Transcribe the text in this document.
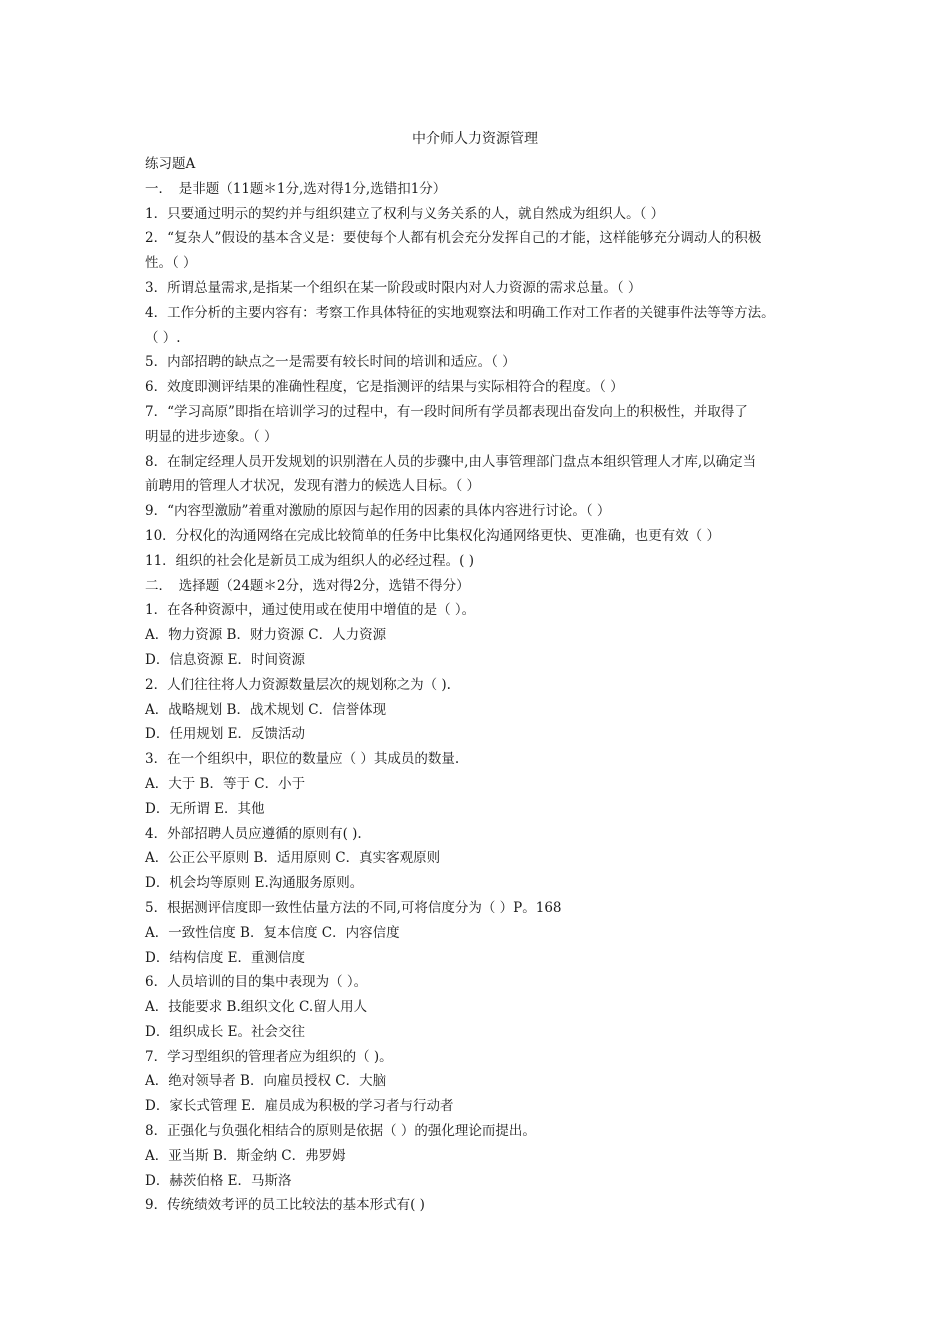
中介师人力资源管理
练习题A
一．　是非题（11题＊1分,选对得1分,选错扣1分）
1．只要通过明示的契约并与组织建立了权利与义务关系的人，就自然成为组织人。（ ）
2．“复杂人”假设的基本含义是：要使每个人都有机会充分发挥自己的才能，这样能够充分调动人的积极
性。（ ）
3．所谓总量需求,是指某一个组织在某一阶段或时限内对人力资源的需求总量。（ ）
4．工作分析的主要内容有：考察工作具体特征的实地观察法和明确工作对工作者的关键事件法等等方法。
（ ）.
5．内部招聘的缺点之一是需要有较长时间的培训和适应。（ ）
6．效度即测评结果的准确性程度，它是指测评的结果与实际相符合的程度。（ ）
7．“学习高原”即指在培训学习的过程中，有一段时间所有学员都表现出奋发向上的积极性，并取得了
明显的进步迹象。（ ）
8．在制定经理人员开发规划的识别潜在人员的步骤中,由人事管理部门盘点本组织管理人才库,以确定当
前聘用的管理人才状况，发现有潜力的候选人目标。（ ）
9．“内容型激励”着重对激励的原因与起作用的因素的具体内容进行讨论。（ ）
10．分权化的沟通网络在完成比较简单的任务中比集权化沟通网络更快、更准确，也更有效（ ）
11．组织的社会化是新员工成为组织人的必经过程。( )
二．　选择题（24题＊2分，选对得2分，选错不得分）
1．在各种资源中，通过使用或在使用中增值的是（ ）。
A．物力资源 B．财力资源 C．人力资源
D．信息资源 E．时间资源
2．人们往往将人力资源数量层次的规划称之为（ ).
A．战略规划 B．战术规划 C．信誉体现
D．任用规划 E．反馈活动
3．在一个组织中，职位的数量应（ ）其成员的数量.
A．大于 B．等于 C．小于
D．无所谓 E．其他
4．外部招聘人员应遵循的原则有( ).
A．公正公平原则 B．适用原则 C．真实客观原则
D．机会均等原则 E.沟通服务原则。
5．根据测评信度即一致性估量方法的不同,可将信度分为（ ）P。168
A．一致性信度 B．复本信度 C．内容信度
D．结构信度 E．重测信度
6．人员培训的目的集中表现为（ ）。
A．技能要求 B.组织文化 C.留人用人
D．组织成长 E。社会交往
7．学习型组织的管理者应为组织的（ )。
A．绝对领导者 B．向雇员授权 C．大脑
D．家长式管理 E．雇员成为积极的学习者与行动者
8．正强化与负强化相结合的原则是依据（ ）的强化理论而提出。
A．亚当斯 B．斯金纳 C．弗罗姆
D．赫茨伯格 E．马斯洛
9．传统绩效考评的员工比较法的基本形式有( )
